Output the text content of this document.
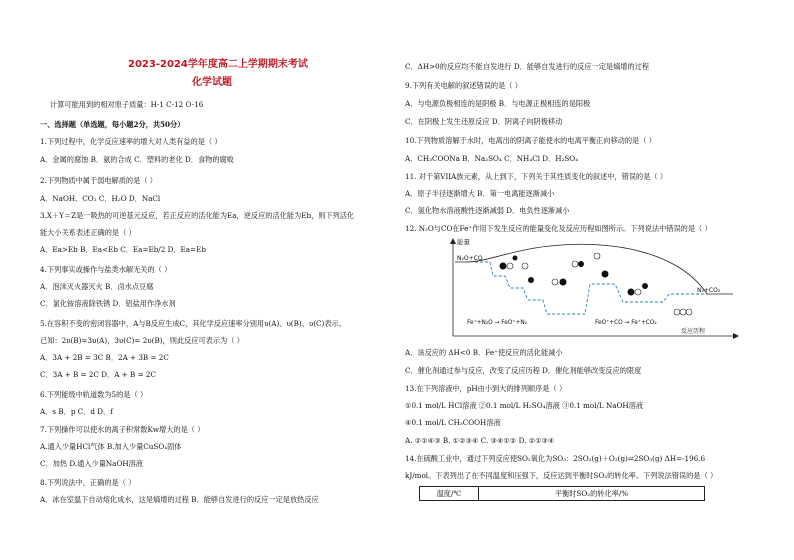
2023-2024学年度高二上学期期末考试
化学试题
计算可能用到的相对原子质量：H-1 C-12 O-16
一、选择题（单选题，每小题2分，共50分）
1.下列过程中，化学反应速率的增大对人类有益的是（ ）
A．金属的腐蚀 B．氨的合成 C．塑料的老化 D．食物的腐败
2.下列物质中属于弱电解质的是（ ）
A．NaOH、CO₂ C．H₂O D．NaCl
3.X＋Y＝Z是一吸热的可逆基元反应，若正反应的活化能为Ea，逆反应的活化能为Eb，则下列活化
能大小关系表述正确的是（ ）
A．Ea>Eb B．Ea<Eb C．Ea=Eb/2 D．Ea=Eb
4.下列事实或操作与盐类水解无关的（ ）
A．泡沫灭火器灭火 B．卤水点豆腐
C．氯化铵溶液除铁锈 D．铝盐用作净水剂
5.在容积不变的密闭容器中，A与B反应生成C，其化学反应速率分别用υ(A)、υ(B)、υ(C)表示。
已知：2υ(B)=3υ(A)，3υ(C)= 2υ(B)，则此反应可表示为（ ）
A．3A + 2B = 3C B．2A + 3B = 2C
C．3A + B = 2C D．A + B = 2C
6.下列能级中轨道数为5的是（ ）
A．s B．p C．d D．f
7.下列操作可以使水的离子积常数Kw增大的是（ ）
A.通入少量HCl气体 B.加入少量CuSO₄固体
C．加热 D.通入少量NaOH溶液
8.下列说法中，正确的是（ ）
A．冰在室温下自动熔化成水，这是熵增的过程 B．能够自发进行的反应一定是放热反应
C．ΔH>0的反应均不能自发进行 D．能够自发进行的反应一定是熵增的过程
9.下列有关电解的叙述错误的是（ ）
A．与电源负极相连的是阴极 B．与电源正极相连的是阳极
C．在阴极上发生还原反应 D．阴离子向阴极移动
10.下列物质溶解于水时，电离出的阴离子能使水的电离平衡正向移动的是（ ）
A．CH₃COONa B．Na₂SO₄ C．NH₄Cl D．H₂SO₄
11. 对于第VIIA族元素，从上到下，下列关于其性质变化的叙述中，错误的是（ ）
A．原子半径逐渐增大 B．第一电离能逐渐减小
C．氢化物水溶液酸性逐渐减弱 D．电负性逐渐减小
12. N₂O与CO在Fe⁺作用下发生反应的能量变化及反应历程如图所示。下列说法中错误的是（ ）
能量
反应历程
N₂O+CO
N₂+CO₂
Fe⁺+N₂O → FeO⁺+N₂	FeO⁺+CO → Fe⁺+CO₂
A．该反应的 ΔH<0 B．Fe⁺使反应的活化能减小
C．催化剂通过参与反应，改变了反应历程 D．催化剂能够改变反应的限度
13.在下列溶液中，pH由小到大的排列顺序是（ ）
①0.1 mol/L HCl溶液 ②0.1 mol/L H₂SO₄溶液 ③0.1 mol/L NaOH溶液
④0.1 mol/L CH₃COOH溶液
A. ②①④③ B. ①②③④ C. ③④①② D. ②①③④
14.在硫酸工业中，通过下列反应使SO₂氧化为SO₃：2SO₂(g)＋O₂(g)⇌2SO₃(g) ΔH=-196.6
kJ/mol。下表列出了在不同温度和压强下，反应达到平衡时SO₂的转化率。下列说法错误的是（ ）
温度/℃	平衡时SO₂的转化率/%
